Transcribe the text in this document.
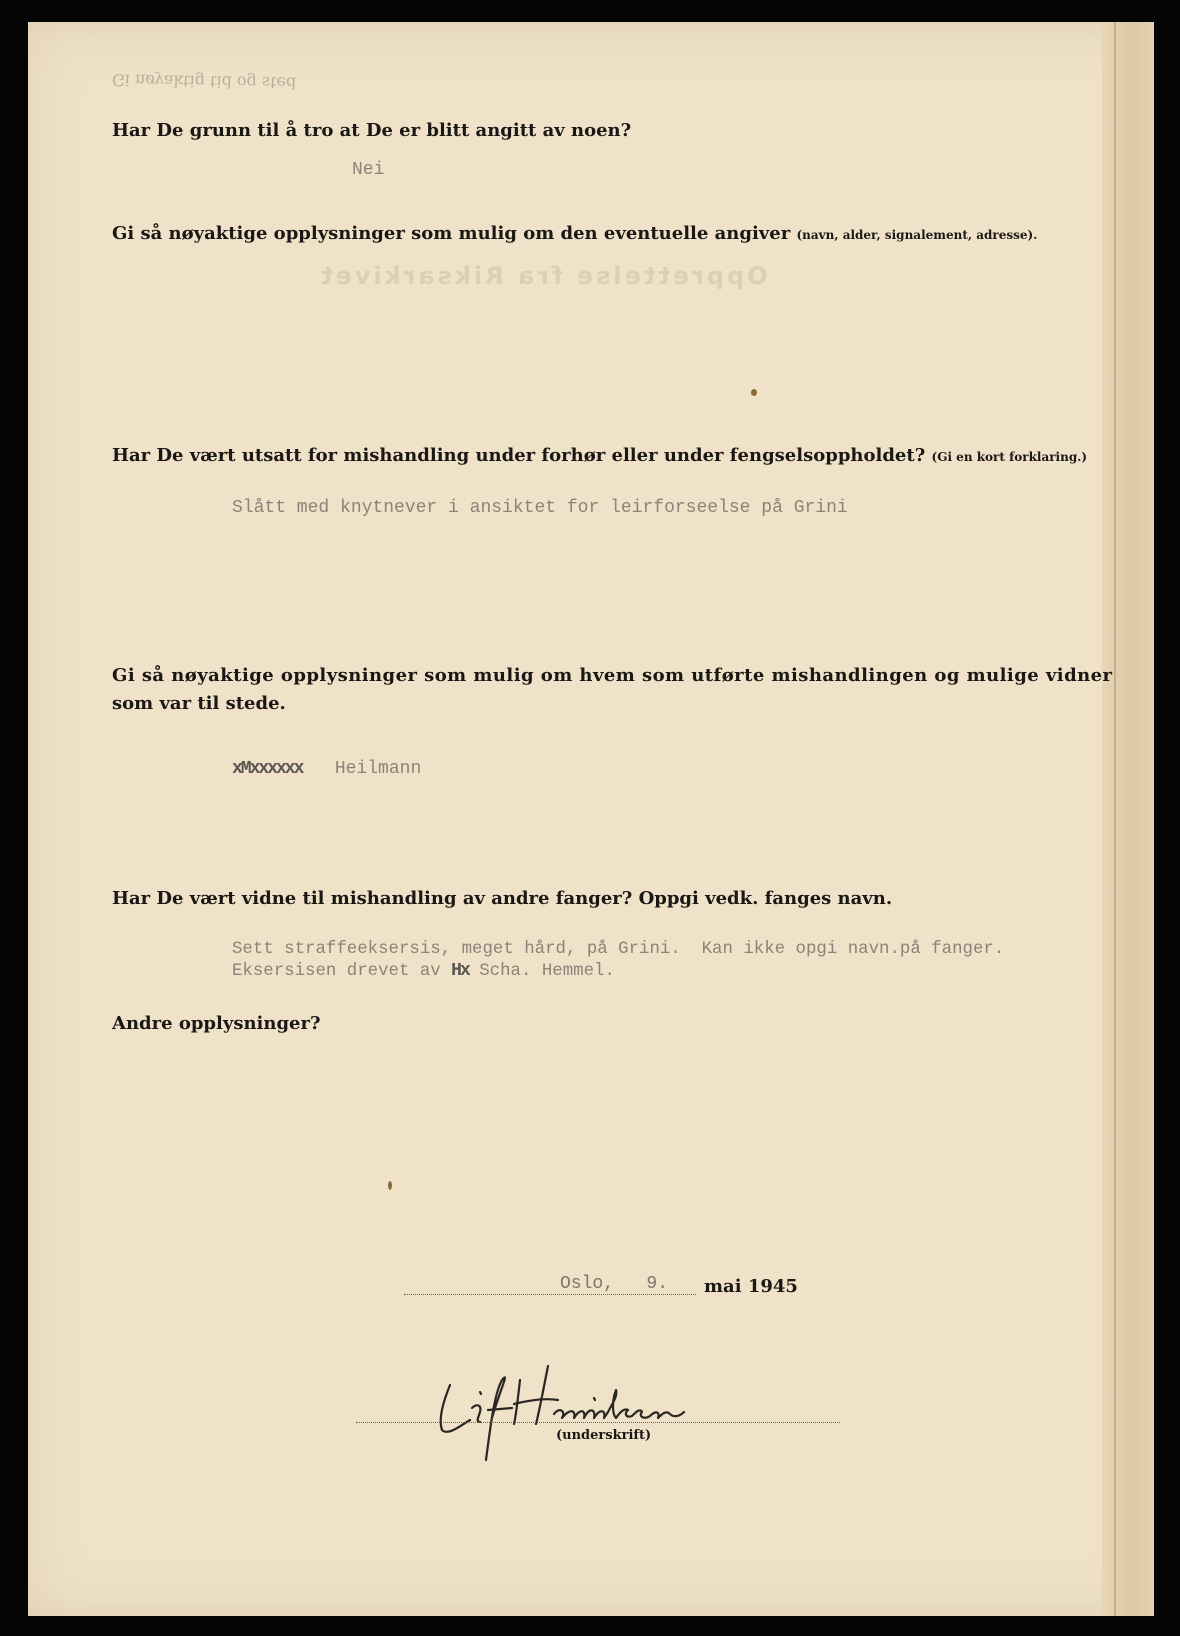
Gi nøyaktig tid og sted
Opprettelse fra Riksarkivet

Har De grunn til å tro at De er blitt angitt av noen?

Nei

Gi så nøyaktige opplysninger som mulig om den eventuelle angiver (navn, alder, signalement, adresse).

Har De vært utsatt for mishandling under forhør eller under fengselsoppholdet? (Gi en kort forklaring.)

Slått med knytnever i ansiktet for leirforseelse på Grini

Gi så nøyaktige opplysninger som mulig om hvem som utførte mishandlingen og mulige vidner

som var til stede.

xMxxxxxx Heilmann

Har De vært vidne til mishandling av andre fanger? Oppgi vedk. fanges navn.

Sett straffeeksersis, meget hård, på Grini.  Kan ikke opgi navn.på fanger.

Eksersisen drevet av Hx Scha. Hemmel.

Andre opplysninger?

Oslo,   9. mai 1945

(underskrift)
